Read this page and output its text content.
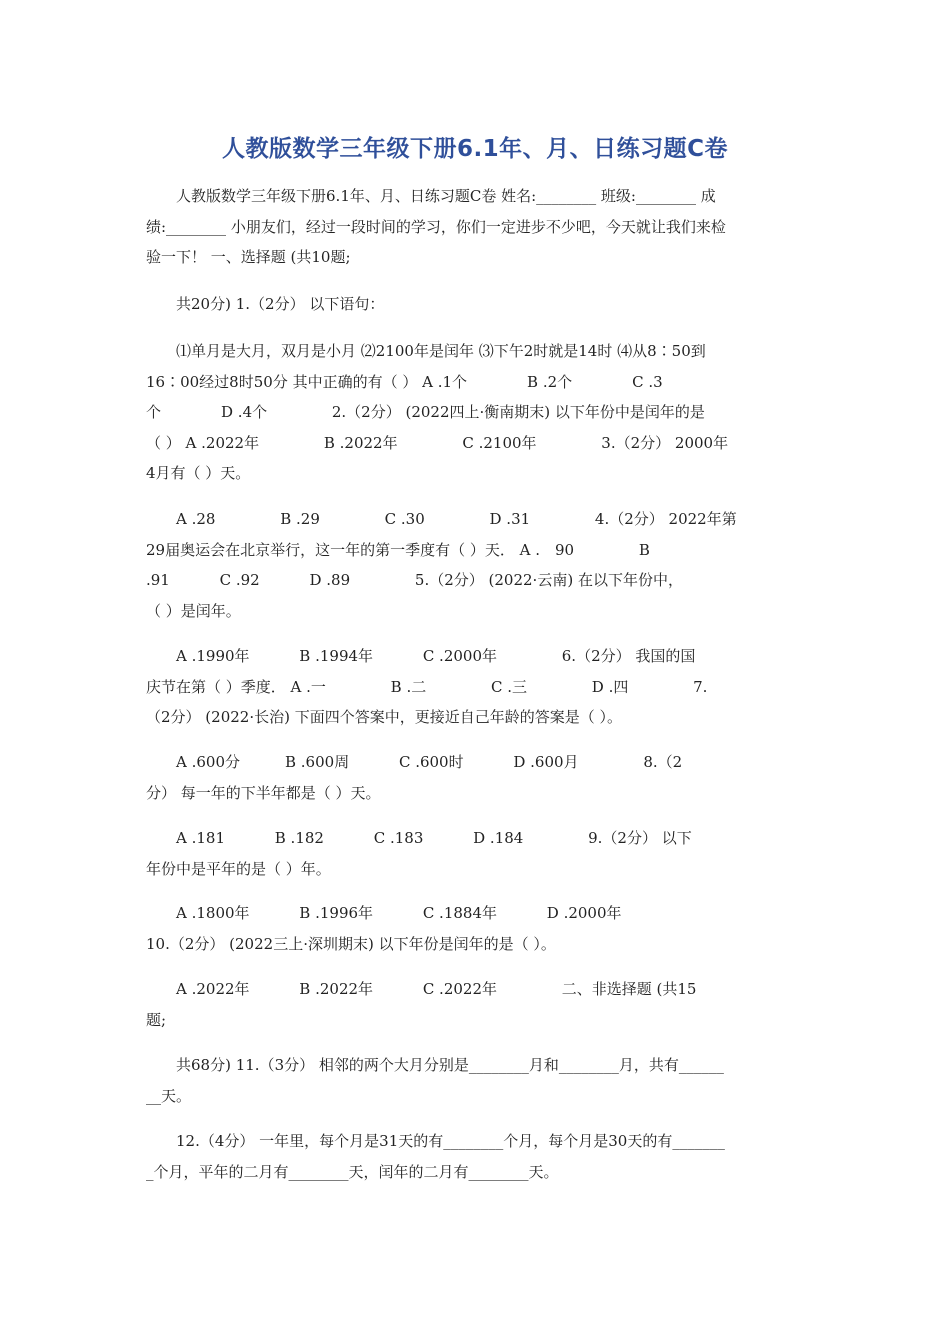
人教版数学三年级下册6.1年、月、日练习题C卷
　　人教版数学三年级下册6.1年、月、日练习题C卷 姓名:________ 班级:________ 成
绩:________ 小朋友们，经过一段时间的学习，你们一定进步不少吧，今天就让我们来检
验一下！ 一、选择题 (共10题;
　　共20分) 1.（2分） 以下语句：
　　⑴单月是大月，双月是小月 ⑵2100年是闰年 ⑶下午2时就是14时 ⑷从8∶50到
16∶00经过8时50分 其中正确的有（ ） A .1个　　　　B .2个　　　　C .3
个　　　　D .4个　　　　 2.（2分） (2022四上·衡南期末) 以下年份中是闰年的是
（ ） A .2022年　　　　 B .2022年　　　　 C .2100年　　　　 3.（2分） 2000年
4月有（ ）天。
　　A .28　　　　 B .29　　　　 C .30　　　　 D .31　　　　 4.（2分） 2022年第
29届奥运会在北京举行，这一年的第一季度有（ ）天． A .　90　　　　 B
.91　　　 C .92　　　 D .89　　　　 5.（2分） (2022·云南) 在以下年份中，
（ ）是闰年。
　　A .1990年　　　 B .1994年　　　 C .2000年　　　　 6.（2分） 我国的国
庆节在第（ ）季度． A .一　　　　 B .二　　　　 C .三　　　　 D .四　　　　 7.
（2分） (2022·长治) 下面四个答案中，更接近自己年龄的答案是（ ）。
　　A .600分　　　B .600周　　　 C .600时　　　 D .600月　　　　 8.（2
分） 每一年的下半年都是（ ）天。
　　A .181　　　 B .182　　　 C .183　　　 D .184　　　　 9.（2分） 以下
年份中是平年的是（ ）年。
　　A .1800年　　　 B .1996年　　　 C .1884年　　　 D .2000年
10.（2分） (2022三上·深圳期末) 以下年份是闰年的是（ ）。
　　A .2022年　　　 B .2022年　　　 C .2022年　　　　 二、非选择题 (共15
题;
　　共68分) 11.（3分） 相邻的两个大月分别是________月和________月，共有______
__天。
　　12.（4分） 一年里，每个月是31天的有________个月，每个月是30天的有_______
_个月，平年的二月有________天，闰年的二月有________天。
